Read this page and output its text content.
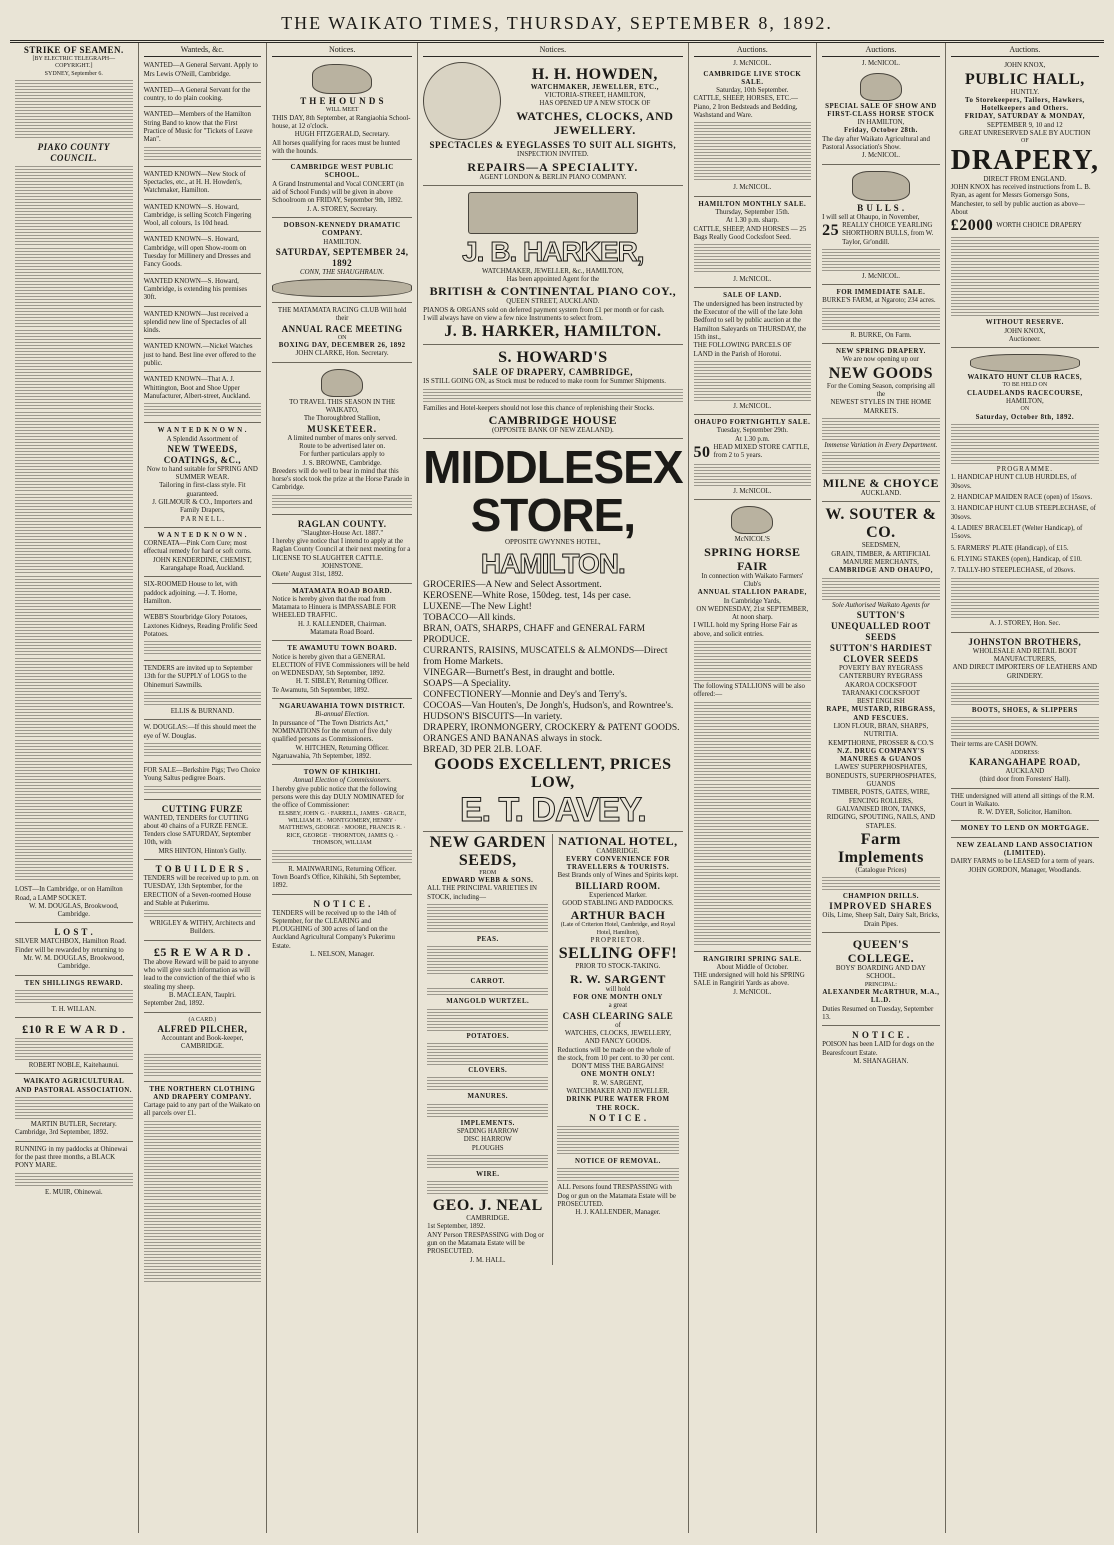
THE WAIKATO TIMES, THURSDAY, SEPTEMBER 8, 1892.
STRIKE OF SEAMEN.
[BY ELECTRIC TELEGRAPH—COPYRIGHT.]
SYDNEY, September 6.
PIAKO COUNTY COUNCIL.
LOST—In Cambridge, or on Hamilton Road, a LAMP SOCKET.
W. M. DOUGLAS, Brookwood, Cambridge.
L O S T .
SILVER MATCHBOX, Hamilton Road. Finder will be rewarded by returning to
Mr. W. M. DOUGLAS, Brookwood, Cambridge.
TEN SHILLINGS REWARD.
T. H. WILLAN.
£10 R E W A R D .
ROBERT NOBLE, Kaitehaunui.
WAIKATO AGRICULTURAL AND PASTORAL ASSOCIATION.
MARTIN BUTLER, Secretary.
Cambridge, 3rd September, 1892.
RUNNING in my paddocks at Ohinewai for the past three months, a BLACK PONY MARE.
E. MUIR, Ohinewai.
Wanteds, &c.
WANTED—A General Servant. Apply to Mrs Lewis O'Neill, Cambridge.
WANTED—A General Servant for the country, to do plain cooking.
WANTED—Members of the Hamilton String Band to know that the First Practice of Music for "Tickets of Leave Man".
WANTED KNOWN—New Stock of Spectacles, etc., at H. H. Howden's, Watchmaker, Hamilton.
WANTED KNOWN—S. Howard, Cambridge, is selling Scotch Fingering Wool, all colours, 1s 10d head.
WANTED KNOWN—S. Howard, Cambridge, will open Show-room on Tuesday for Millinery and Dresses and Fancy Goods.
WANTED KNOWN—S. Howard, Cambridge, is extending his premises 30ft.
WANTED KNOWN—Just received a splendid new line of Spectacles of all kinds.
WANTED KNOWN.—Nickel Watches just to hand. Best line ever offered to the public.
WANTED KNOWN—That A. J. Whittington, Boot and Shoe Upper Manufacturer, Albert-street, Auckland.
W A N T E D K N O W N .
A Splendid Assortment of
NEW TWEEDS, COATINGS, &C.,
Now to hand suitable for SPRING AND SUMMER WEAR.
Tailoring in first-class style. Fit guaranteed.
J. GILMOUR & CO., Importers and Family Drapers,
P A R N E L L .
W A N T E D K N O W N .
CORNEATA—Pink Corn Cure; most effectual remedy for hard or soft corns.
JOHN KENDERDINE, CHEMIST,
Karangahape Road, Auckland.
SIX-ROOMED House to let, with paddock adjoining. —J. T. Horne, Hamilton.
WEBB'S Stourbridge Glory Potatoes, Laxtones Kidneys, Reading Prolific Seed Potatoes.
TENDERS are invited up to September 13th for the SUPPLY of LOGS to the Ohinemuri Sawmills.
ELLIS & BURNAND.
W. DOUGLAS:—If this should meet the eye of W. Douglas.
FOR SALE—Berkshire Pigs; Two Choice Young Saltus pedigree Boars.
CUTTING FURZE
WANTED, TENDERS for CUTTING about 40 chains of a FURZE FENCE. Tenders close SATURDAY, September 10th, with
MRS HINTON, Hinton's Gully.
T O B U I L D E R S .
TENDERS will be received up to p.m. on TUESDAY, 13th September, for the ERECTION of a Seven-roomed House and Stable at Pukerimu.
WRIGLEY & WITHY, Architects and Builders.
£5 R E W A R D .
The above Reward will be paid to anyone who will give such information as will lead to the conviction of the thief who is stealing my sheep.
B. MACLEAN, Tauplri.
September 2nd, 1892.
(A CARD.)
ALFRED PILCHER,
Accountant and Book-keeper, CAMBRIDGE.
THE NORTHERN CLOTHING AND DRAPERY COMPANY.
Cartage paid to any part of the Waikato on all parcels over £1.
Notices.
T H E H O U N D S
WILL MEET
THIS DAY, 8th September, at Rangiaohia School-house, at 12 o'clock.
HUGH FITZGERALD, Secretary.
All horses qualifying for races must be hunted with the hounds.
CAMBRIDGE WEST PUBLIC SCHOOL.
A Grand Instrumental and Vocal CONCERT (in aid of School Funds) will be given in above Schoolroom on FRIDAY, September 9th, 1892.
J. A. STOREY, Secretary.
DOBSON-KENNEDY DRAMATIC COMPANY.
HAMILTON.
SATURDAY, SEPTEMBER 24, 1892
CONN, THE SHAUGHRAUN.
THE MATAMATA RACING CLUB Will hold their
ANNUAL RACE MEETING
ON
BOXING DAY, DECEMBER 26, 1892
JOHN CLARKE, Hon. Secretary.
TO TRAVEL THIS SEASON IN THE WAIKATO,
The Thoroughbred Stallion,
MUSKETEER.
A limited number of mares only served.
Route to be advertised later on.
For further particulars apply to
J. S. BROWNE, Cambridge.
Breeders will do well to bear in mind that this horse's stock took the prize at the Horse Parade in Cambridge.
RAGLAN COUNTY.
"Slaughter-House Act. 1887."
I hereby give notice that I intend to apply at the Raglan County Council at their next meeting for a LICENSE TO SLAUGHTER CATTLE.
JOHNSTONE.
Okete' August 31st, 1892.
MATAMATA ROAD BOARD.
Notice is hereby given that the road from Matamata to Hinuera is IMPASSABLE FOR WHEELED TRAFFIC.
H. J. KALLENDER, Chairman.
Matamata Road Board.
TE AWAMUTU TOWN BOARD.
Notice is hereby given that a GENERAL ELECTION of FIVE Commissioners will be held on WEDNESDAY, 5th September, 1892.
H. T. SIBLEY, Returning Officer.
Te Awamutu, 5th September, 1892.
NGARUAWAHIA TOWN DISTRICT.
Bi-annual Election.
In pursuance of "The Town Districts Act," NOMINATIONS for the return of five duly qualified persons as Commissioners.
W. HITCHEN, Returning Officer.
Ngaruawahia, 7th September, 1892.
TOWN OF KIHIKIHI.
Annual Election of Commissioners.
I hereby give public notice that the following persons were this day DULY NOMINATED for the office of Commissioner:
ELSBEY, JOHN G. · FARRELL, JAMES · GRACE, WILLIAM H. · MONTGOMERY, HENRY · MATTHEWS, GEORGE · MOORE, FRANCIS R. · RICE, GEORGE · THORNTON, JAMES Q. · THOMSON, WILLIAM
R. MAINWARING, Returning Officer.
Town Board's Office, Kihikihi, 5th September, 1892.
N O T I C E .
TENDERS will be received up to the 14th of September, for the CLEARING and PLOUGHING of 300 acres of land on the Auckland Agricultural Company's Pukerimu Estate.
L. NELSON, Manager.
Notices.
H. H. HOWDEN,
WATCHMAKER, JEWELLER, ETC.,
VICTORIA-STREET, HAMILTON,
HAS OPENED UP A NEW STOCK OF
WATCHES, CLOCKS, AND JEWELLERY.
SPECTACLES & EYEGLASSES TO SUIT ALL SIGHTS,
INSPECTION INVITED.
REPAIRS—A SPECIALITY.
AGENT LONDON & BERLIN PIANO COMPANY.
J. B. HARKER,
WATCHMAKER, JEWELLER, &c., HAMILTON,
Has been appointed Agent for the
BRITISH & CONTINENTAL PIANO COY.,
QUEEN STREET, AUCKLAND.
PIANOS & ORGANS sold on deferred payment system from £1 per month or for cash.
I will always have on view a few nice Instruments to select from.
J. B. HARKER, HAMILTON.
S. HOWARD'S
SALE OF DRAPERY, CAMBRIDGE,
IS STILL GOING ON, as Stock must be reduced to make room for Summer Shipments.
Families and Hotel-keepers should not lose this chance of replenishing their Stocks.
CAMBRIDGE HOUSE
(OPPOSITE BANK OF NEW ZEALAND).
MIDDLESEX STORE,
OPPOSITE GWYNNE'S HOTEL,
HAMILTON.
GROCERIES—A New and Select Assortment.
KEROSENE—White Rose, 150deg. test, 14s per case.
LUXENE—The New Light!
TOBACCO—All kinds.
BRAN, OATS, SHARPS, CHAFF and GENERAL FARM PRODUCE.
CURRANTS, RAISINS, MUSCATELS & ALMONDS—Direct from Home Markets.
VINEGAR—Burnett's Best, in draught and bottle.
SOAPS—A Speciality.
CONFECTIONERY—Monnie and Dey's and Terry's.
COCOAS—Van Houten's, De Jongh's, Hudson's, and Rowntree's.
HUDSON'S BISCUITS—In variety.
DRAPERY, IRONMONGERY, CROCKERY & PATENT GOODS.
ORANGES AND BANANAS always in stock.
BREAD, 3D PER 2LB. LOAF.
GOODS EXCELLENT, PRICES LOW,
E. T. DAVEY.
NEW GARDEN SEEDS,
FROM
EDWARD WEBB & SONS.
ALL THE PRINCIPAL VARIETIES IN STOCK, including—
PEAS.
CARROT.
MANGOLD WURTZEL.
POTATOES.
CLOVERS.
MANURES.
IMPLEMENTS.
SPADING HARROW
DISC HARROW
PLOUGHS
WIRE.
GEO. J. NEAL
CAMBRIDGE.
1st September, 1892.
ANY Person TRESPASSING with Dog or gun on the Matamata Estate will be PROSECUTED.
J. M. HALL.
NATIONAL HOTEL,
CAMBRIDGE.
EVERY CONVENIENCE FOR TRAVELLERS & TOURISTS.
Best Brands only of Wines and Spirits kept.
BILLIARD ROOM.
Experienced Marker.
GOOD STABLING AND PADDOCKS.
ARTHUR BACH
(Late of Criterion Hotel, Cambridge, and Royal Hotel, Hamilton),
PROPRIETOR.
SELLING OFF!
PRIOR TO STOCK-TAKING.
R. W. SARGENT
will hold
FOR ONE MONTH ONLY
a great
CASH CLEARING SALE
of
WATCHES, CLOCKS, JEWELLERY, AND FANCY GOODS.
Reductions will be made on the whole of the stock, from 10 per cent. to 30 per cent.
DON'T MISS THE BARGAINS!
ONE MONTH ONLY!
R. W. SARGENT,
WATCHMAKER AND JEWELLER.
DRINK PURE WATER FROM THE ROCK.
N O T I C E .
NOTICE OF REMOVAL.
ALL Persons found TRESPASSING with Dog or gun on the Matamata Estate will be PROSECUTED.
H. J. KALLENDER, Manager.
Auctions.
J. McNICOL.
CAMBRIDGE LIVE STOCK SALE.
Saturday, 10th September.
CATTLE, SHEEP, HORSES, ETC.—Piano, 2 Iron Bedsteads and Bedding, Washstand and Ware.
J. McNICOL.
HAMILTON MONTHLY SALE.
Thursday, September 15th.
At 1.30 p.m. sharp.
CATTLE, SHEEP, AND HORSES — 25 Bags Really Good Cocksfoot Seed.
J. McNICOL.
SALE OF LAND.
The undersigned has been instructed by the Executor of the will of the late John Bedford to sell by public auction at the Hamilton Saleyards on THURSDAY, the 15th inst.,
THE FOLLOWING PARCELS OF LAND in the Parish of Horotui.
J. McNICOL.
OHAUPO FORTNIGHTLY SALE.
Tuesday, September 29th.
At 1.30 p.m.
50 HEAD MIXED STORE CATTLE, from 2 to 5 years.
J. McNICOL.
McNICOL'S
SPRING HORSE FAIR
In connection with Waikato Farmers' Club's
ANNUAL STALLION PARADE,
In Cambridge Yards,
ON WEDNESDAY, 21st SEPTEMBER,
At noon sharp.
I WILL hold my Spring Horse Fair as above, and solicit entries.
The following STALLIONS will be also offered:—
RANGIRIRI SPRING SALE.
About Middle of October.
THE undersigned will hold his SPRING SALE in Rangiriri Yards as above.
J. McNICOL.
Auctions.
J. McNICOL.
SPECIAL SALE OF SHOW AND FIRST-CLASS HORSE STOCK
IN HAMILTON,
Friday, October 28th.
The day after Waikato Agricultural and Pastoral Association's Show.
J. McNICOL.
B U L L S .
I will sell at Ohaupo, in November,
25 REALLY CHOICE YEARLING SHORTHORN BULLS, from W. Taylor, Gr'ondill.
J. McNICOL.
FOR IMMEDIATE SALE.
BURKE'S FARM, at Ngaroto; 234 acres.
R. BURKE, On Farm.
NEW SPRING DRAPERY.
We are now opening up our
NEW GOODS
For the Coming Season, comprising all the
NEWEST STYLES IN THE HOME MARKETS.
Immense Variation in Every Department.
MILNE & CHOYCE
AUCKLAND.
W. SOUTER & CO.
SEEDSMEN,
GRAIN, TIMBER, & ARTIFICIAL MANURE MERCHANTS,
CAMBRIDGE AND OHAUPO,
Sole Authorised Waikato Agents for
SUTTON'S UNEQUALLED ROOT SEEDS
SUTTON'S HARDIEST CLOVER SEEDS
POVERTY BAY RYEGRASS
CANTERBURY RYEGRASS
AKAROA COCKSFOOT
TARANAKI COCKSFOOT
BEST ENGLISH
RAPE, MUSTARD, RIBGRASS, AND FESCUES.
LION FLOUR, BRAN, SHARPS, NUTRITIA.
KEMPTHORNE, PROSSER & CO.'S
N.Z. DRUG COMPANY'S
MANURES & GUANOS
LAWES' SUPERPHOSPHATES,
BONEDUSTS, SUPERPHOSPHATES, GUANOS
TIMBER, POSTS, GATES, WIRE,
FENCING ROLLERS,
GALVANISED IRON, TANKS,
RIDGING, SPOUTING, NAILS, AND STAPLES.
Farm Implements
(Catalogue Prices)
CHAMPION DRILLS.
IMPROVED SHARES
Oils, Lime, Sheep Salt, Dairy Salt, Bricks, Drain Pipes.
QUEEN'S COLLEGE.
BOYS' BOARDING AND DAY SCHOOL.
PRINCIPAL:
ALEXANDER McARTHUR, M.A., LL.D.
Duties Resumed on Tuesday, September 13.
N O T I C E .
POISON has been LAID for dogs on the Bearesfcourt Estate.
M. SHANAGHAN.
Auctions.
JOHN KNOX,
PUBLIC HALL,
HUNTLY.
To Storekeepers, Tailors, Hawkers, Hotelkeepers and Others.
FRIDAY, SATURDAY & MONDAY,
SEPTEMBER 9, 10 and 12
GREAT UNRESERVED SALE BY AUCTION
OF
DRAPERY,
DIRECT FROM ENGLAND.
JOHN KNOX has received instructions from L. B. Ryan, as agent for Messrs Gomersgo Sons, Manchester, to sell by public auction as above—About
£2000 WORTH CHOICE DRAPERY
WITHOUT RESERVE.
JOHN KNOX,
Auctioneer.
WAIKATO HUNT CLUB RACES,
TO BE HELD ON
CLAUDELANDS RACECOURSE,
HAMILTON,
ON
Saturday, October 8th, 1892.
PROGRAMME.
1. HANDICAP HUNT CLUB HURDLES, of 30sovs.
2. HANDICAP MAIDEN RACE (open) of 15sovs.
3. HANDICAP HUNT CLUB STEEPLECHASE, of 30sovs.
4. LADIES' BRACELET (Welter Handicap), of 15sovs.
5. FARMERS' PLATE (Handicap), of £15.
6. FLYING STAKES (open), Handicap, of £10.
7. TALLY-HO STEEPLECHASE, of 20sovs.
A. J. STOREY, Hon. Sec.
JOHNSTON BROTHERS,
WHOLESALE AND RETAIL BOOT MANUFACTURERS,
AND DIRECT IMPORTERS OF LEATHERS AND GRINDERY.
BOOTS, SHOES, & SLIPPERS
Their terms are CASH DOWN.
ADDRESS:
KARANGAHAPE ROAD,
AUCKLAND
(third door from Foresters' Hall).
THE undersigned will attend all sittings of the R.M. Court in Waikato.
R. W. DYER, Solicitor, Hamilton.
MONEY TO LEND ON MORTGAGE.
NEW ZEALAND LAND ASSOCIATION (LIMITED).
DAIRY FARMS to be LEASED for a term of years.
JOHN GORDON, Manager, Woodlands.
